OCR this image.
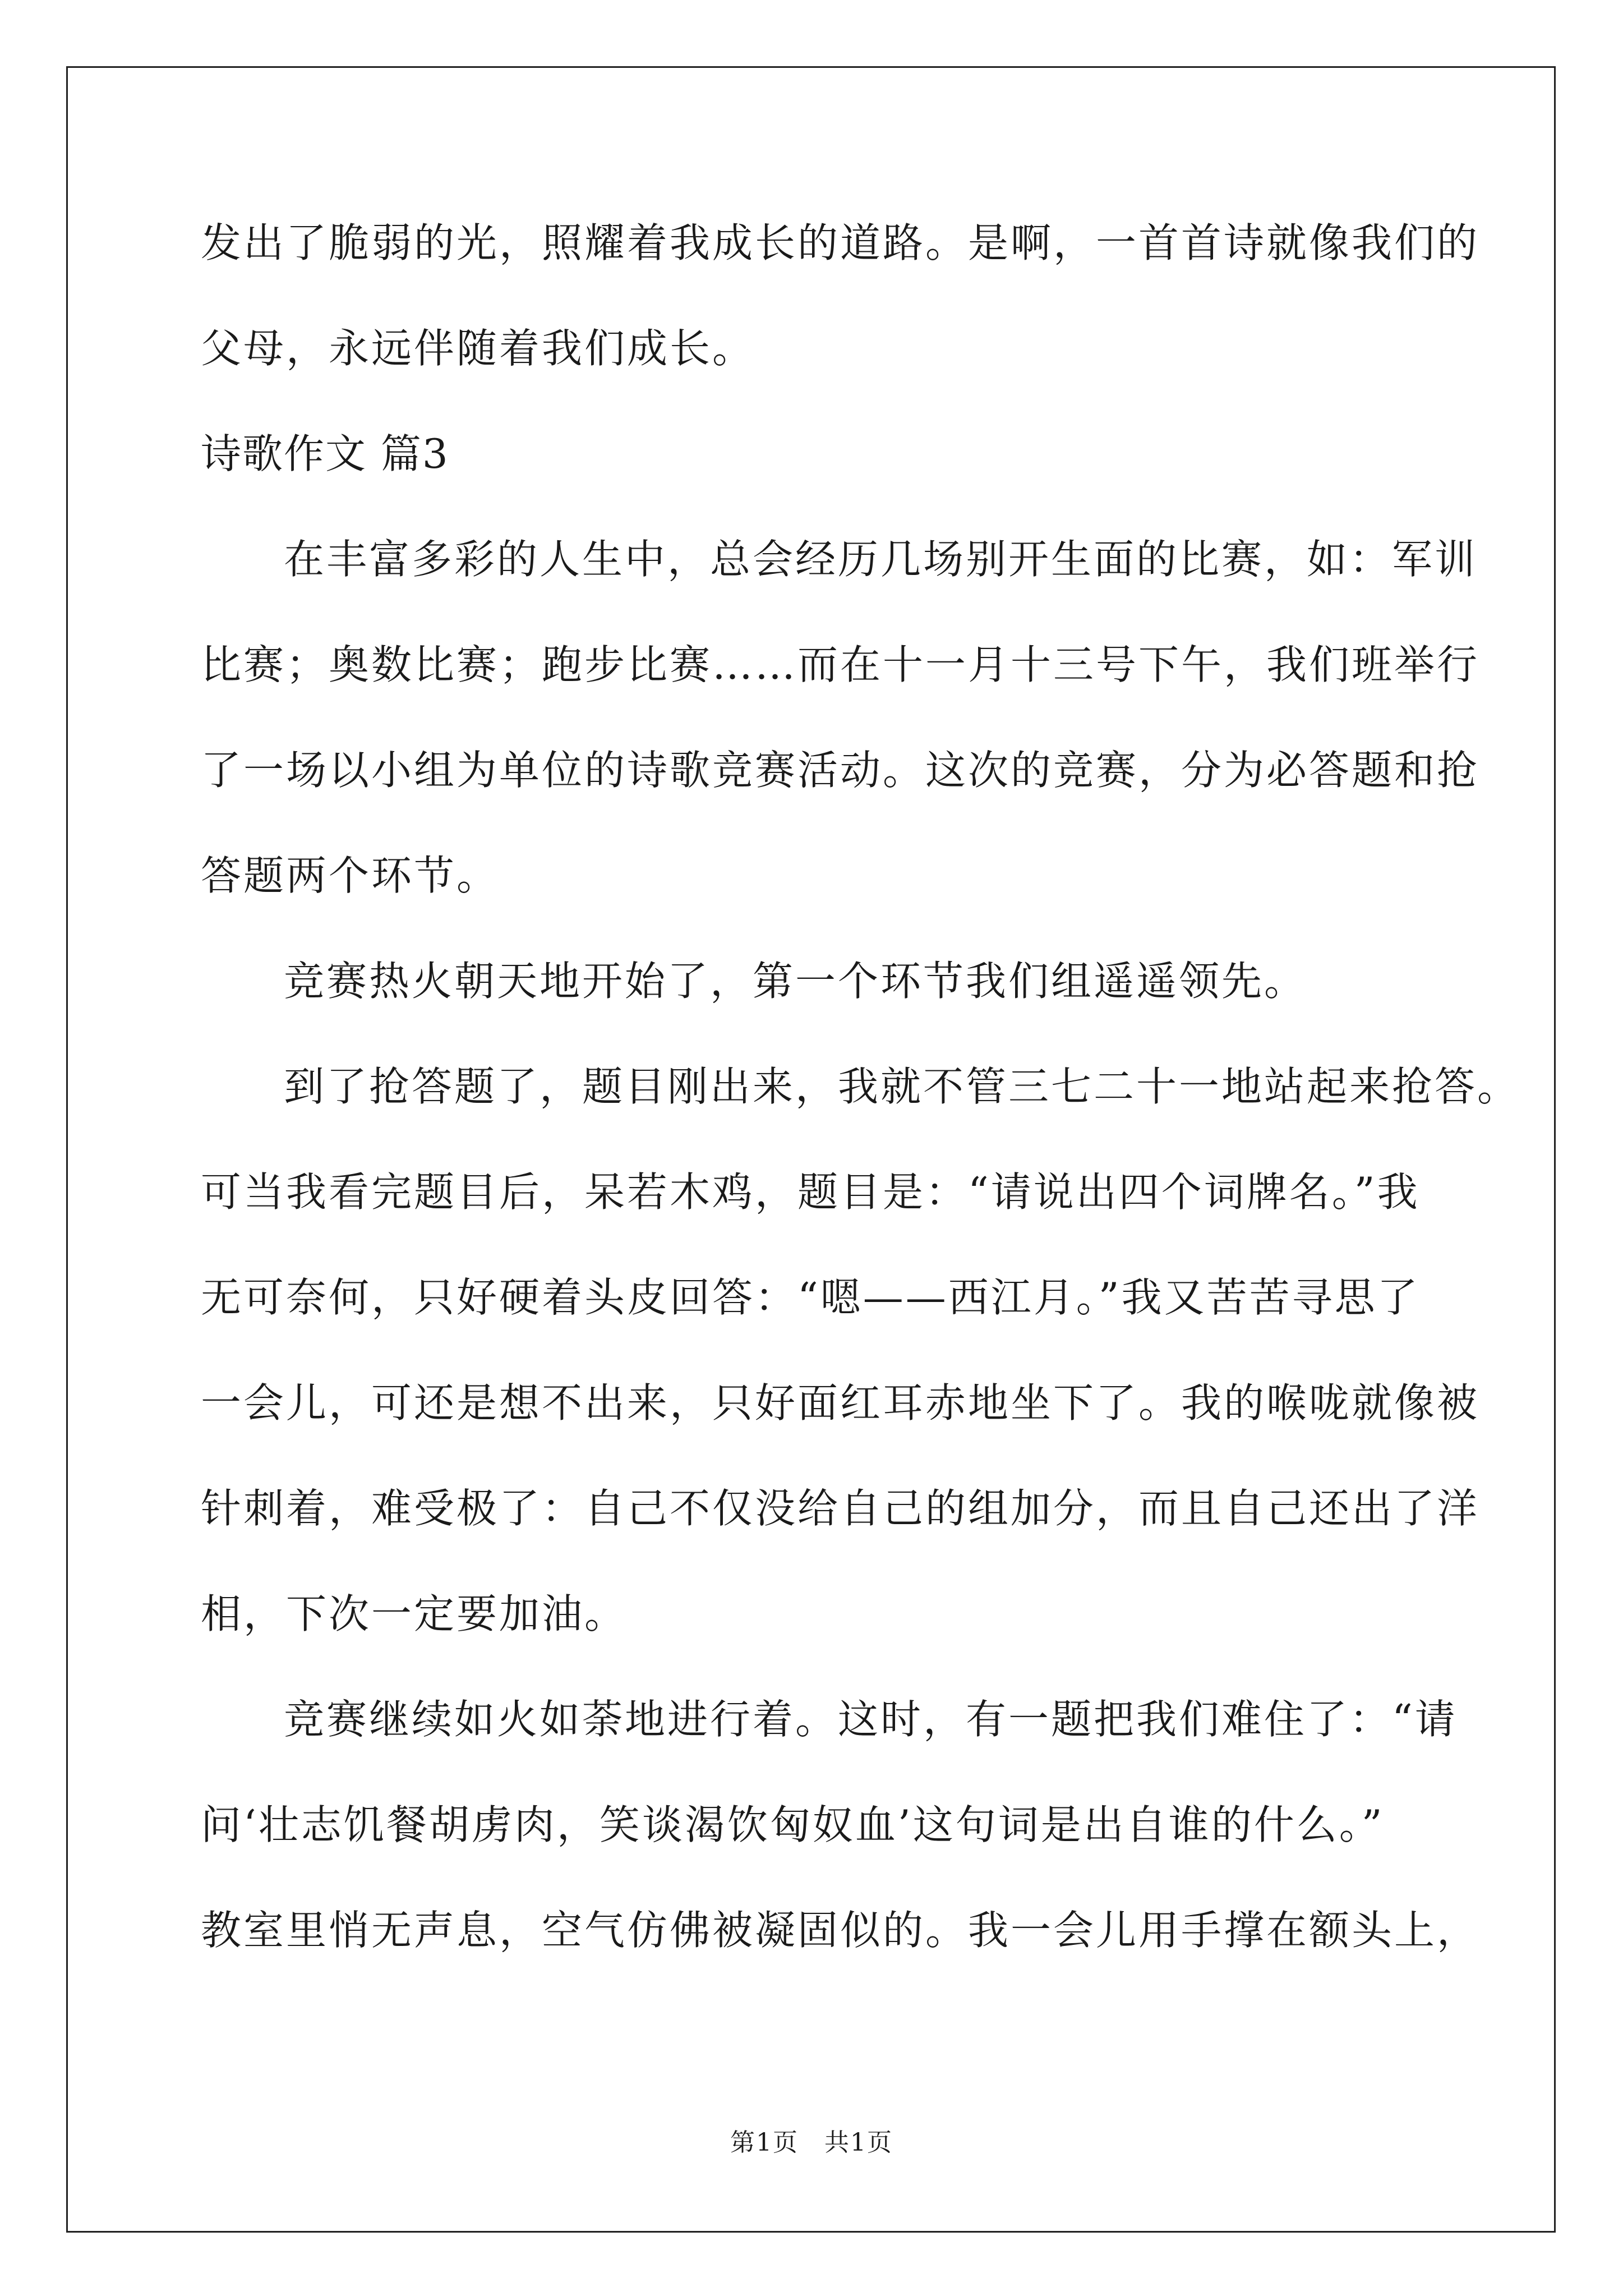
发出了脆弱的光，照耀着我成长的道路。是啊，一首首诗就像我们的
父母，永远伴随着我们成长。
诗歌作文 篇3
在丰富多彩的人生中，总会经历几场别开生面的比赛，如：军训
比赛；奥数比赛；跑步比赛……而在十一月十三号下午，我们班举行
了一场以小组为单位的诗歌竞赛活动。这次的竞赛，分为必答题和抢
答题两个环节。
竞赛热火朝天地开始了，第一个环节我们组遥遥领先。
到了抢答题了，题目刚出来，我就不管三七二十一地站起来抢答。
可当我看完题目后，呆若木鸡，题目是：“请说出四个词牌名。”我
无可奈何，只好硬着头皮回答：“嗯——西江月。”我又苦苦寻思了
一会儿，可还是想不出来，只好面红耳赤地坐下了。我的喉咙就像被
针刺着，难受极了：自己不仅没给自己的组加分，而且自己还出了洋
相，下次一定要加油。
竞赛继续如火如荼地进行着。这时，有一题把我们难住了：“请
问‘壮志饥餐胡虏肉，笑谈渴饮匈奴血’这句词是出自谁的什么。”
教室里悄无声息，空气仿佛被凝固似的。我一会儿用手撑在额头上，
第1页　共1页
